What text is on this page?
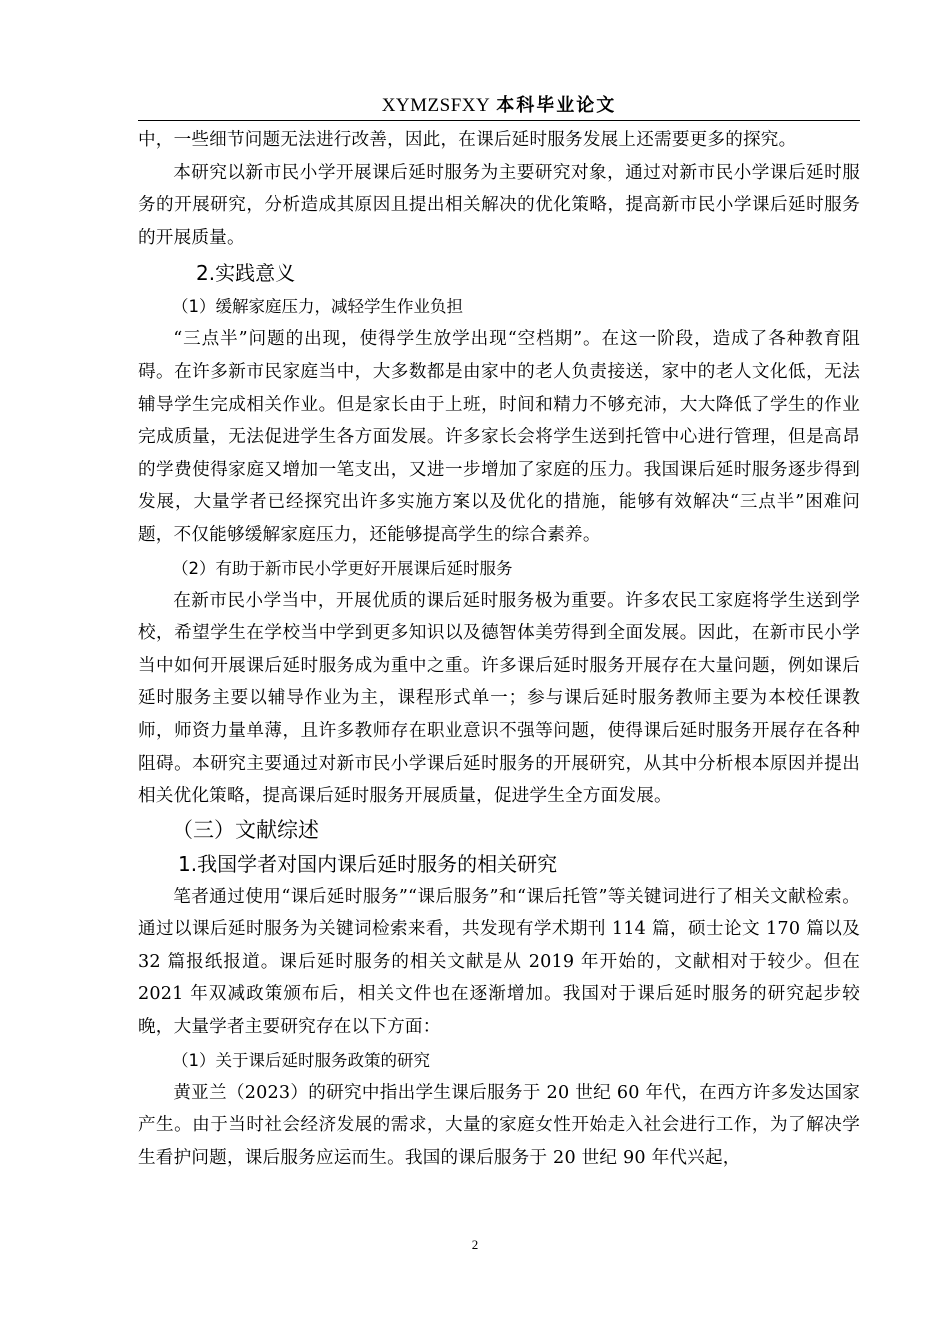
XYMZSFXY 本科毕业论文

中，一些细节问题无法进行改善，因此，在课后延时服务发展上还需要更多的探究。

本研究以新市民小学开展课后延时服务为主要研究对象，通过对新市民小学课后延时服务的开展研究，分析造成其原因且提出相关解决的优化策略，提高新市民小学课后延时服务的开展质量。

2.实践意义
（1）缓解家庭压力，减轻学生作业负担

“三点半”问题的出现，使得学生放学出现“空档期”。在这一阶段，造成了各种教育阻碍。在许多新市民家庭当中，大多数都是由家中的老人负责接送，家中的老人文化低，无法辅导学生完成相关作业。但是家长由于上班，时间和精力不够充沛，大大降低了学生的作业完成质量，无法促进学生各方面发展。许多家长会将学生送到托管中心进行管理，但是高昂的学费使得家庭又增加一笔支出，又进一步增加了家庭的压力。我国课后延时服务逐步得到发展，大量学者已经探究出许多实施方案以及优化的措施，能够有效解决“三点半”困难问题，不仅能够缓解家庭压力，还能够提高学生的综合素养。

（2）有助于新市民小学更好开展课后延时服务

在新市民小学当中，开展优质的课后延时服务极为重要。许多农民工家庭将学生送到学校，希望学生在学校当中学到更多知识以及德智体美劳得到全面发展。因此，在新市民小学当中如何开展课后延时服务成为重中之重。许多课后延时服务开展存在大量问题，例如课后延时服务主要以辅导作业为主，课程形式单一；参与课后延时服务教师主要为本校任课教师，师资力量单薄，且许多教师存在职业意识不强等问题，使得课后延时服务开展存在各种阻碍。本研究主要通过对新市民小学课后延时服务的开展研究，从其中分析根本原因并提出相关优化策略，提高课后延时服务开展质量，促进学生全方面发展。

（三）文献综述
1.我国学者对国内课后延时服务的相关研究

笔者通过使用“课后延时服务”“课后服务”和“课后托管”等关键词进行了相关文献检索。通过以课后延时服务为关键词检索来看，共发现有学术期刊 114 篇，硕士论文 170 篇以及 32 篇报纸报道。课后延时服务的相关文献是从 2019 年开始的，文献相对于较少。但在 2021 年双减政策颁布后，相关文件也在逐渐增加。我国对于课后延时服务的研究起步较晚，大量学者主要研究存在以下方面：

（1）关于课后延时服务政策的研究

黄亚兰（2023）的研究中指出学生课后服务于 20 世纪 60 年代，在西方许多发达国家产生。由于当时社会经济发展的需求，大量的家庭女性开始走入社会进行工作，为了解决学生看护问题，课后服务应运而生。我国的课后服务于 20 世纪 90 年代兴起，

2
